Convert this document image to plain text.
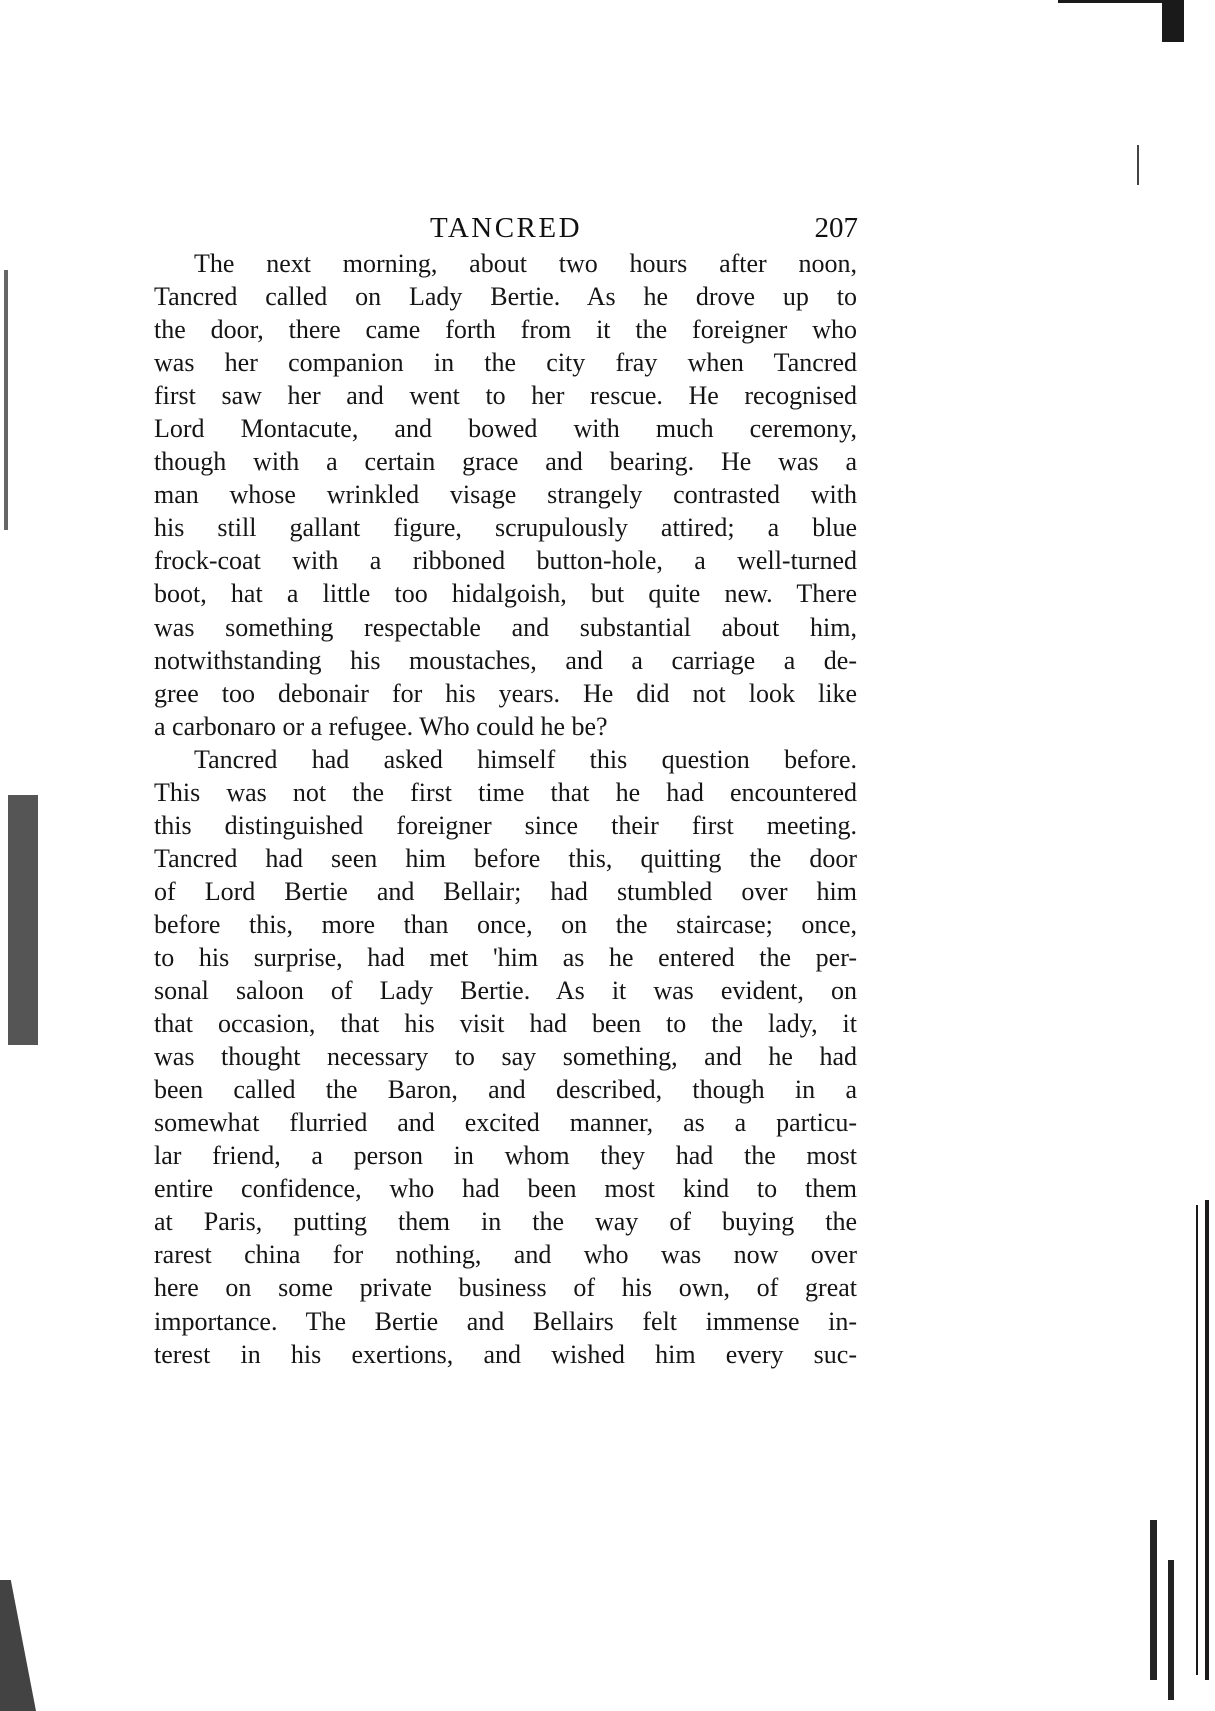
TANCRED	207

The next morning, about two hours after noon,
Tancred called on Lady Bertie. As he drove up to
the door, there came forth from it the foreigner who
was her companion in the city fray when Tancred
first saw her and went to her rescue. He recognised
Lord Montacute, and bowed with much ceremony,
though with a certain grace and bearing. He was a
man whose wrinkled visage strangely contrasted with
his still gallant figure, scrupulously attired; a blue
frock-coat with a ribboned button-hole, a well-turned
boot, hat a little too hidalgoish, but quite new. There
was something respectable and substantial about him,
notwithstanding his moustaches, and a carriage a de-
gree too debonair for his years. He did not look like
a carbonaro or a refugee. Who could he be?

Tancred had asked himself this question before.
This was not the first time that he had encountered
this distinguished foreigner since their first meeting.
Tancred had seen him before this, quitting the door
of Lord Bertie and Bellair; had stumbled over him
before this, more than once, on the staircase; once,
to his surprise, had met 'him as he entered the per-
sonal saloon of Lady Bertie. As it was evident, on
that occasion, that his visit had been to the lady, it
was thought necessary to say something, and he had
been called the Baron, and described, though in a
somewhat flurried and excited manner, as a particu-
lar friend, a person in whom they had the most
entire confidence, who had been most kind to them
at Paris, putting them in the way of buying the
rarest china for nothing, and who was now over
here on some private business of his own, of great
importance. The Bertie and Bellairs felt immense in-
terest in his exertions, and wished him every suc-
